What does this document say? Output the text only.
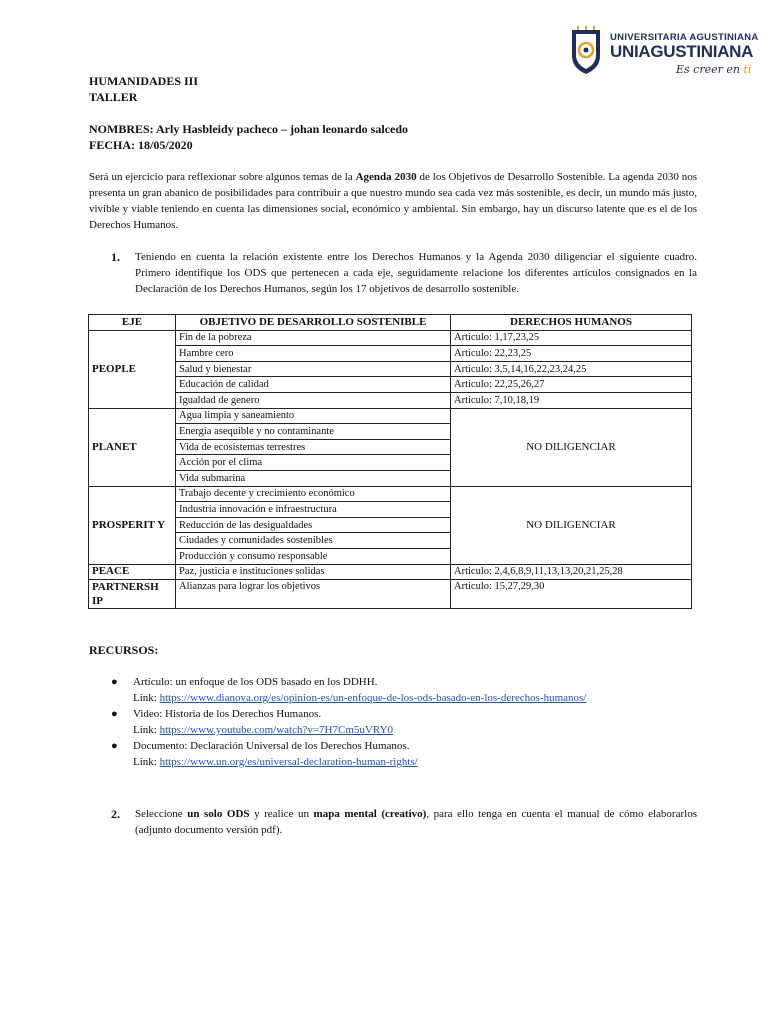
UNIVERSITARIA AGUSTINIANA
UNIAGUSTINIANA
Es creer en ti
HUMANIDADES III
TALLER
NOMBRES: Arly Hasbleidy pacheco – johan leonardo salcedo
FECHA: 18/05/2020
Será un ejercicio para reflexionar sobre algunos temas de la Agenda 2030 de los Objetivos de Desarrollo Sostenible. La agenda 2030 nos presenta un gran abanico de posibilidades para contribuir a que nuestro mundo sea cada vez más sostenible, es decir, un mundo más justo, vivible y viable teniendo en cuenta las dimensiones social, económico y ambiental. Sin embargo, hay un discurso latente que es el de los Derechos Humanos.
1. Teniendo en cuenta la relación existente entre los Derechos Humanos y la Agenda 2030 diligenciar el siguiente cuadro. Primero identifique los ODS que pertenecen a cada eje, seguidamente relacione los diferentes artículos consignados en la Declaración de los Derechos Humanos, según los 17 objetivos de desarrollo sostenible.
EJE	OBJETIVO DE DESARROLLO SOSTENIBLE	DERECHOS HUMANOS
PEOPLE	Fin de la pobreza	Articulo: 1,17,23,25
	Hambre cero	Articulo: 22,23,25
	Salud y bienestar	Articulo: 3,5,14,16,22,23,24,25
	Educación de calidad	Articulo: 22,25,26,27
	Igualdad de genero	Articulo: 7,10,18,19
PLANET	Agua limpia y saneamiento	NO DILIGENCIAR
	Energía asequible y no contaminante	
	Vida de ecosistemas terrestres	
	Acción por el clima	
	Vida submarina	
PROSPERIT Y	Trabajo decente y crecimiento económico	NO DILIGENCIAR
	Industria innovación e infraestructura	
	Reducción de las desigualdades	
	Ciudades y comunidades sostenibles	
	Producción y consumo responsable	
PEACE	Paz, justicia e instituciones solidas	Articulo: 2,4,6,8,9,11,13,13,20,21,25,28
PARTNERSH IP	Alianzas para lograr los objetivos	Articulo: 15,27,29,30
RECURSOS:
● Artículo: un enfoque de los ODS basado en los DDHH.
Link: https://www.dianova.org/es/opinion-es/un-enfoque-de-los-ods-basado-en-los-derechos-humanos/
● Video: Historia de los Derechos Humanos.
Link: https://www.youtube.com/watch?v=7H7Cm5uVRY0
● Documento: Declaración Universal de los Derechos Humanos.
Link: https://www.un.org/es/universal-declaration-human-rights/
2. Seleccione un solo ODS y realice un mapa mental (creativo), para ello tenga en cuenta el manual de cómo elaborarlos (adjunto documento versión pdf).
